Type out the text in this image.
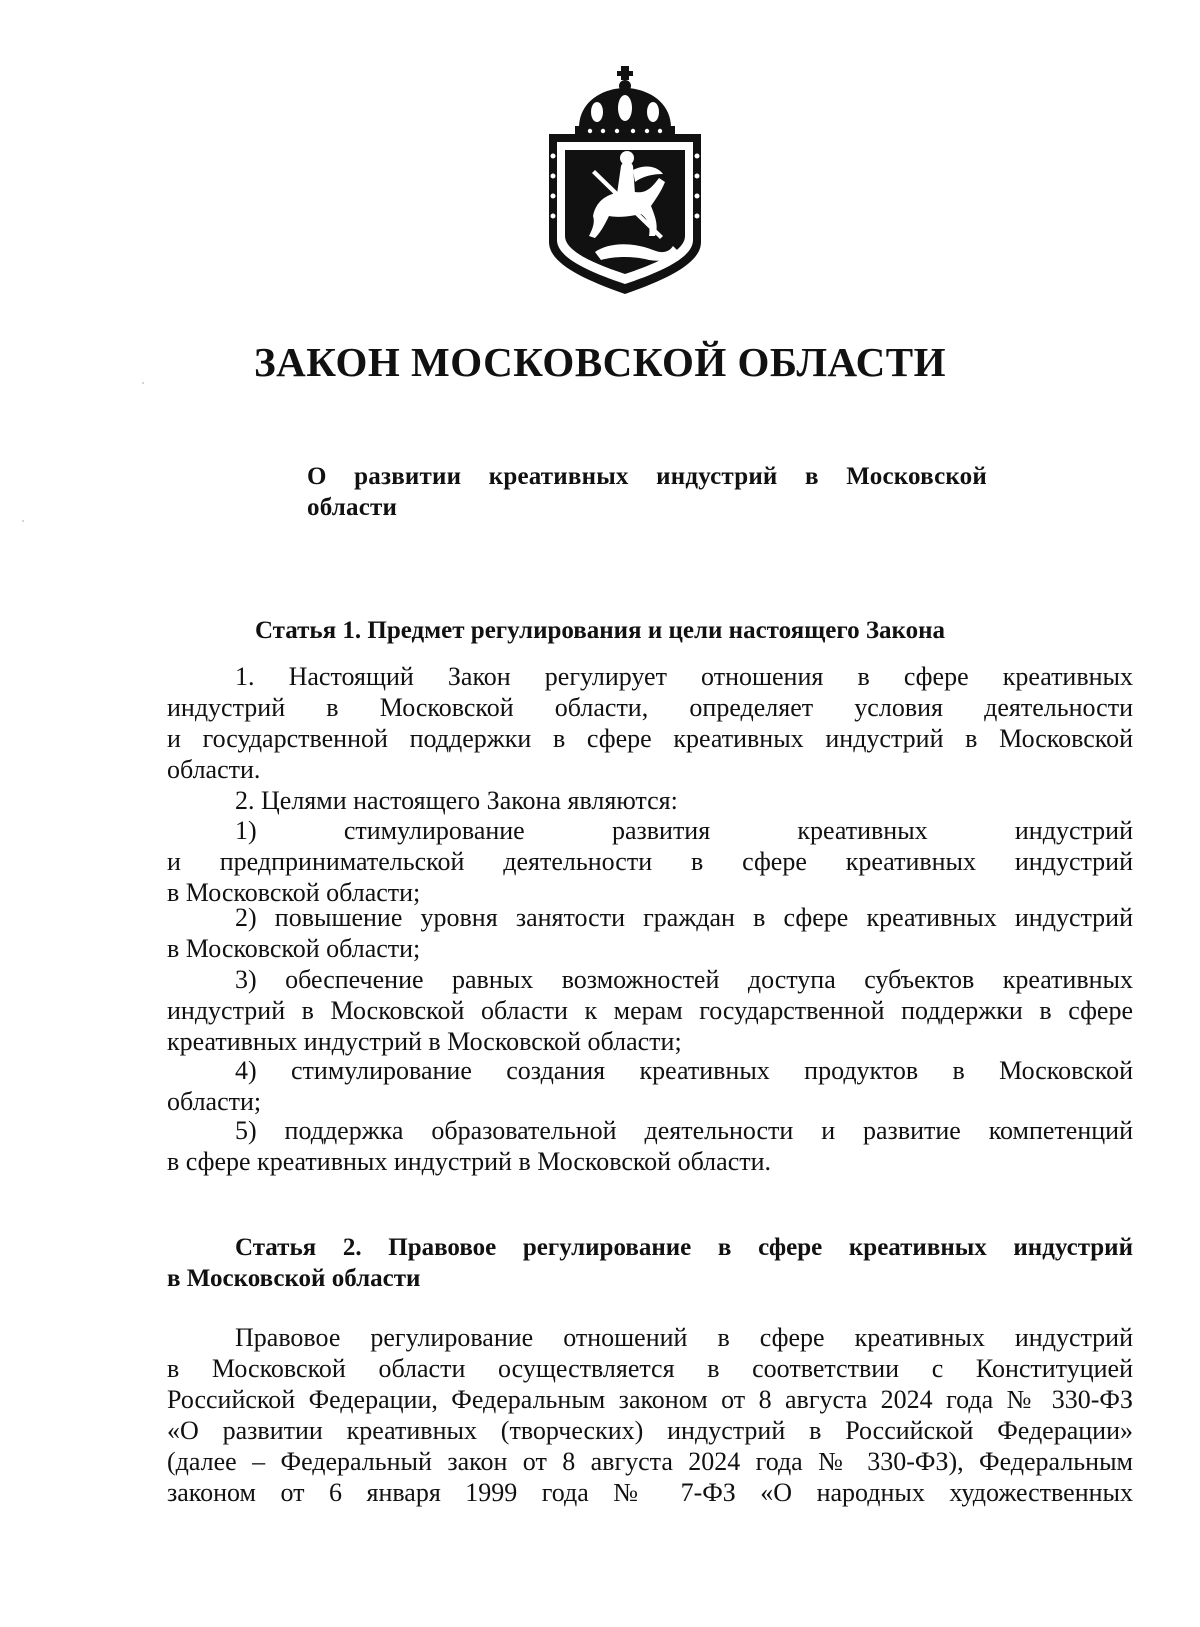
ЗАКОН МОСКОВСКОЙ ОБЛАСТИ
О развитии креативных индустрий в Московской
области
Статья 1. Предмет регулирования и цели настоящего Закона
1. Настоящий Закон регулирует отношения в сфере креативных
индустрий в Московской области, определяет условия деятельности
и государственной поддержки в сфере креативных индустрий в Московской
области.
2. Целями настоящего Закона являются:
1) стимулирование развития креативных индустрий
и предпринимательской деятельности в сфере креативных индустрий
в Московской области;
2) повышение уровня занятости граждан в сфере креативных индустрий
в Московской области;
3) обеспечение равных возможностей доступа субъектов креативных
индустрий в Московской области к мерам государственной поддержки в сфере
креативных индустрий в Московской области;
4) стимулирование создания креативных продуктов в Московской
области;
5) поддержка образовательной деятельности и развитие компетенций
в сфере креативных индустрий в Московской области.
Статья 2. Правовое регулирование в сфере креативных индустрий
в Московской области
Правовое регулирование отношений в сфере креативных индустрий
в Московской области осуществляется в соответствии с Конституцией
Российской Федерации, Федеральным законом от 8 августа 2024 года № 330-ФЗ
«О развитии креативных (творческих) индустрий в Российской Федерации»
(далее – Федеральный закон от 8 августа 2024 года № 330-ФЗ), Федеральным
законом от 6 января 1999 года № 7-ФЗ «О народных художественных
